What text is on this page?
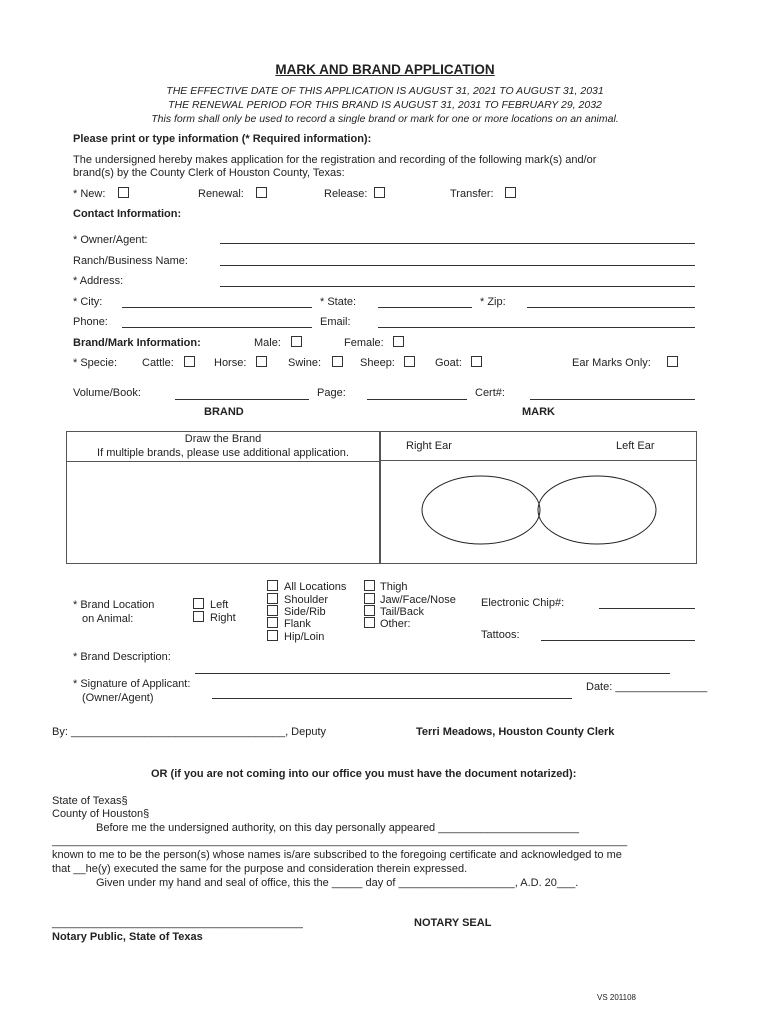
MARK AND BRAND APPLICATION
THE EFFECTIVE DATE OF THIS APPLICATION IS AUGUST 31, 2021 TO AUGUST 31, 2031
THE RENEWAL PERIOD FOR THIS BRAND IS AUGUST 31, 2031 TO FEBRUARY 29, 2032
This form shall only be used to record a single brand or mark for one or more locations on an animal.
Please print or type information (* Required information):
The undersigned hereby makes application for the registration and recording of the following mark(s) and/or
brand(s) by the County Clerk of Houston County, Texas:
* New:	Renewal:	Release:	Transfer:
Contact Information:
* Owner/Agent:
Ranch/Business Name:
* Address:
* City:	* State:	* Zip:
Phone:	Email:
Brand/Mark Information:	Male:	Female:
* Specie: Cattle:	Horse:	Swine:	Sheep:	Goat:	Ear Marks Only:
Volume/Book:	Page:	Cert#:
BRAND	MARK
Draw the Brand
If multiple brands, please use additional application.
Right Ear	Left Ear
* Brand Location
on Animal:
Left
Right
All Locations
Shoulder
Side/Rib
Flank
Hip/Loin
Thigh
Jaw/Face/Nose
Tail/Back
Other:
Electronic Chip#:
Tattoos:
* Brand Description:
* Signature of Applicant:
(Owner/Agent)
Date: _______________
By: ___________________________________, Deputy	Terri Meadows, Houston County Clerk
OR (if you are not coming into our office you must have the document notarized):
State of Texas§
County of Houston§
Before me the undersigned authority, on this day personally appeared _______________________
______________________________________________________________________________________________
known to me to be the person(s) whose names is/are subscribed to the foregoing certificate and acknowledged to me
that __he(y) executed the same for the purpose and consideration therein expressed.
Given under my hand and seal of office, this the _____ day of ___________________, A.D. 20___.
_________________________________________	NOTARY SEAL
Notary Public, State of Texas
VS 201108
